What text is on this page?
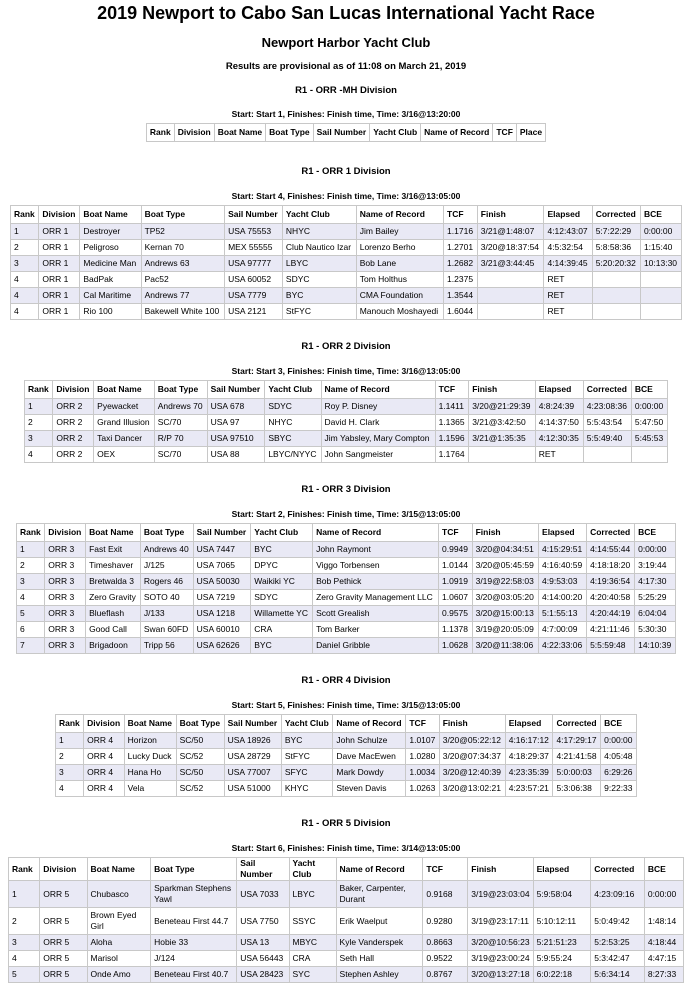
2019 Newport to Cabo San Lucas International Yacht Race
Newport Harbor Yacht Club
Results are provisional as of 11:08 on March 21, 2019
R1 - ORR -MH Division
Start: Start 1, Finishes: Finish time, Time: 3/16@13:20:00
Rank	Division	Boat Name	Boat Type	Sail Number	Yacht Club	Name of Record	TCF	Place
R1 - ORR 1 Division
Start: Start 4, Finishes: Finish time, Time: 3/16@13:05:00
Rank	Division	Boat Name	Boat Type	Sail Number	Yacht Club	Name of Record	TCF	Finish	Elapsed	Corrected	BCE
1	ORR 1	Destroyer	TP52	USA 75553	NHYC	Jim Bailey	1.1716	3/21@1:48:07	4:12:43:07	5:7:22:29	0:00:00
2	ORR 1	Peligroso	Kernan 70	MEX 55555	Club Nautico Izar	Lorenzo Berho	1.2701	3/20@18:37:54	4:5:32:54	5:8:58:36	1:15:40
3	ORR 1	Medicine Man	Andrews 63	USA 97777	LBYC	Bob Lane	1.2682	3/21@3:44:45	4:14:39:45	5:20:20:32	10:13:30
4	ORR 1	BadPak	Pac52	USA 60052	SDYC	Tom Holthus	1.2375		RET		
4	ORR 1	Cal Maritime	Andrews 77	USA 7779	BYC	CMA Foundation	1.3544		RET		
4	ORR 1	Rio 100	Bakewell White 100	USA 2121	StFYC	Manouch Moshayedi	1.6044		RET		
R1 - ORR 2 Division
Start: Start 3, Finishes: Finish time, Time: 3/16@13:05:00
Rank	Division	Boat Name	Boat Type	Sail Number	Yacht Club	Name of Record	TCF	Finish	Elapsed	Corrected	BCE
1	ORR 2	Pyewacket	Andrews 70	USA 678	SDYC	Roy P. Disney	1.1411	3/20@21:29:39	4:8:24:39	4:23:08:36	0:00:00
2	ORR 2	Grand Illusion	SC/70	USA 97	NHYC	David H. Clark	1.1365	3/21@3:42:50	4:14:37:50	5:5:43:54	5:47:50
3	ORR 2	Taxi Dancer	R/P 70	USA 97510	SBYC	Jim Yabsley, Mary Compton	1.1596	3/21@1:35:35	4:12:30:35	5:5:49:40	5:45:53
4	ORR 2	OEX	SC/70	USA 88	LBYC/NYYC	John Sangmeister	1.1764		RET		
R1 - ORR 3 Division
Start: Start 2, Finishes: Finish time, Time: 3/15@13:05:00
Rank	Division	Boat Name	Boat Type	Sail Number	Yacht Club	Name of Record	TCF	Finish	Elapsed	Corrected	BCE
1	ORR 3	Fast Exit	Andrews 40	USA 7447	BYC	John Raymont	0.9949	3/20@04:34:51	4:15:29:51	4:14:55:44	0:00:00
2	ORR 3	Timeshaver	J/125	USA 7065	DPYC	Viggo Torbensen	1.0144	3/20@05:45:59	4:16:40:59	4:18:18:20	3:19:44
3	ORR 3	Bretwalda 3	Rogers 46	USA 50030	Waikiki YC	Bob Pethick	1.0919	3/19@22:58:03	4:9:53:03	4:19:36:54	4:17:30
4	ORR 3	Zero Gravity	SOTO 40	USA 7219	SDYC	Zero Gravity Management LLC	1.0607	3/20@03:05:20	4:14:00:20	4:20:40:58	5:25:29
5	ORR 3	Blueflash	J/133	USA 1218	Willamette YC	Scott Grealish	0.9575	3/20@15:00:13	5:1:55:13	4:20:44:19	6:04:04
6	ORR 3	Good Call	Swan 60FD	USA 60010	CRA	Tom Barker	1.1378	3/19@20:05:09	4:7:00:09	4:21:11:46	5:30:30
7	ORR 3	Brigadoon	Tripp 56	USA 62626	BYC	Daniel Gribble	1.0628	3/20@11:38:06	4:22:33:06	5:5:59:48	14:10:39
R1 - ORR 4 Division
Start: Start 5, Finishes: Finish time, Time: 3/15@13:05:00
Rank	Division	Boat Name	Boat Type	Sail Number	Yacht Club	Name of Record	TCF	Finish	Elapsed	Corrected	BCE
1	ORR 4	Horizon	SC/50	USA 18926	BYC	John Schulze	1.0107	3/20@05:22:12	4:16:17:12	4:17:29:17	0:00:00
2	ORR 4	Lucky Duck	SC/52	USA 28729	StFYC	Dave MacEwen	1.0280	3/20@07:34:37	4:18:29:37	4:21:41:58	4:05:48
3	ORR 4	Hana Ho	SC/50	USA 77007	SFYC	Mark Dowdy	1.0034	3/20@12:40:39	4:23:35:39	5:0:00:03	6:29:26
4	ORR 4	Vela	SC/52	USA 51000	KHYC	Steven Davis	1.0263	3/20@13:02:21	4:23:57:21	5:3:06:38	9:22:33
R1 - ORR 5 Division
Start: Start 6, Finishes: Finish time, Time: 3/14@13:05:00
Rank	Division	Boat Name	Boat Type	Sail Number	Yacht Club	Name of Record	TCF	Finish	Elapsed	Corrected	BCE
1	ORR 5	Chubasco	Sparkman Stephens Yawl	USA 7033	LBYC	Baker, Carpenter, Durant	0.9168	3/19@23:03:04	5:9:58:04	4:23:09:16	0:00:00
2	ORR 5	Brown Eyed Girl	Beneteau First 44.7	USA 7750	SSYC	Erik Waelput	0.9280	3/19@23:17:11	5:10:12:11	5:0:49:42	1:48:14
3	ORR 5	Aloha	Hobie 33	USA 13	MBYC	Kyle Vanderspek	0.8663	3/20@10:56:23	5:21:51:23	5:2:53:25	4:18:44
4	ORR 5	Marisol	J/124	USA 56443	CRA	Seth Hall	0.9522	3/19@23:00:24	5:9:55:24	5:3:42:47	4:47:15
5	ORR 5	Onde Amo	Beneteau First 40.7	USA 28423	SYC	Stephen Ashley	0.8767	3/20@13:27:18	6:0:22:18	5:6:34:14	8:27:33
